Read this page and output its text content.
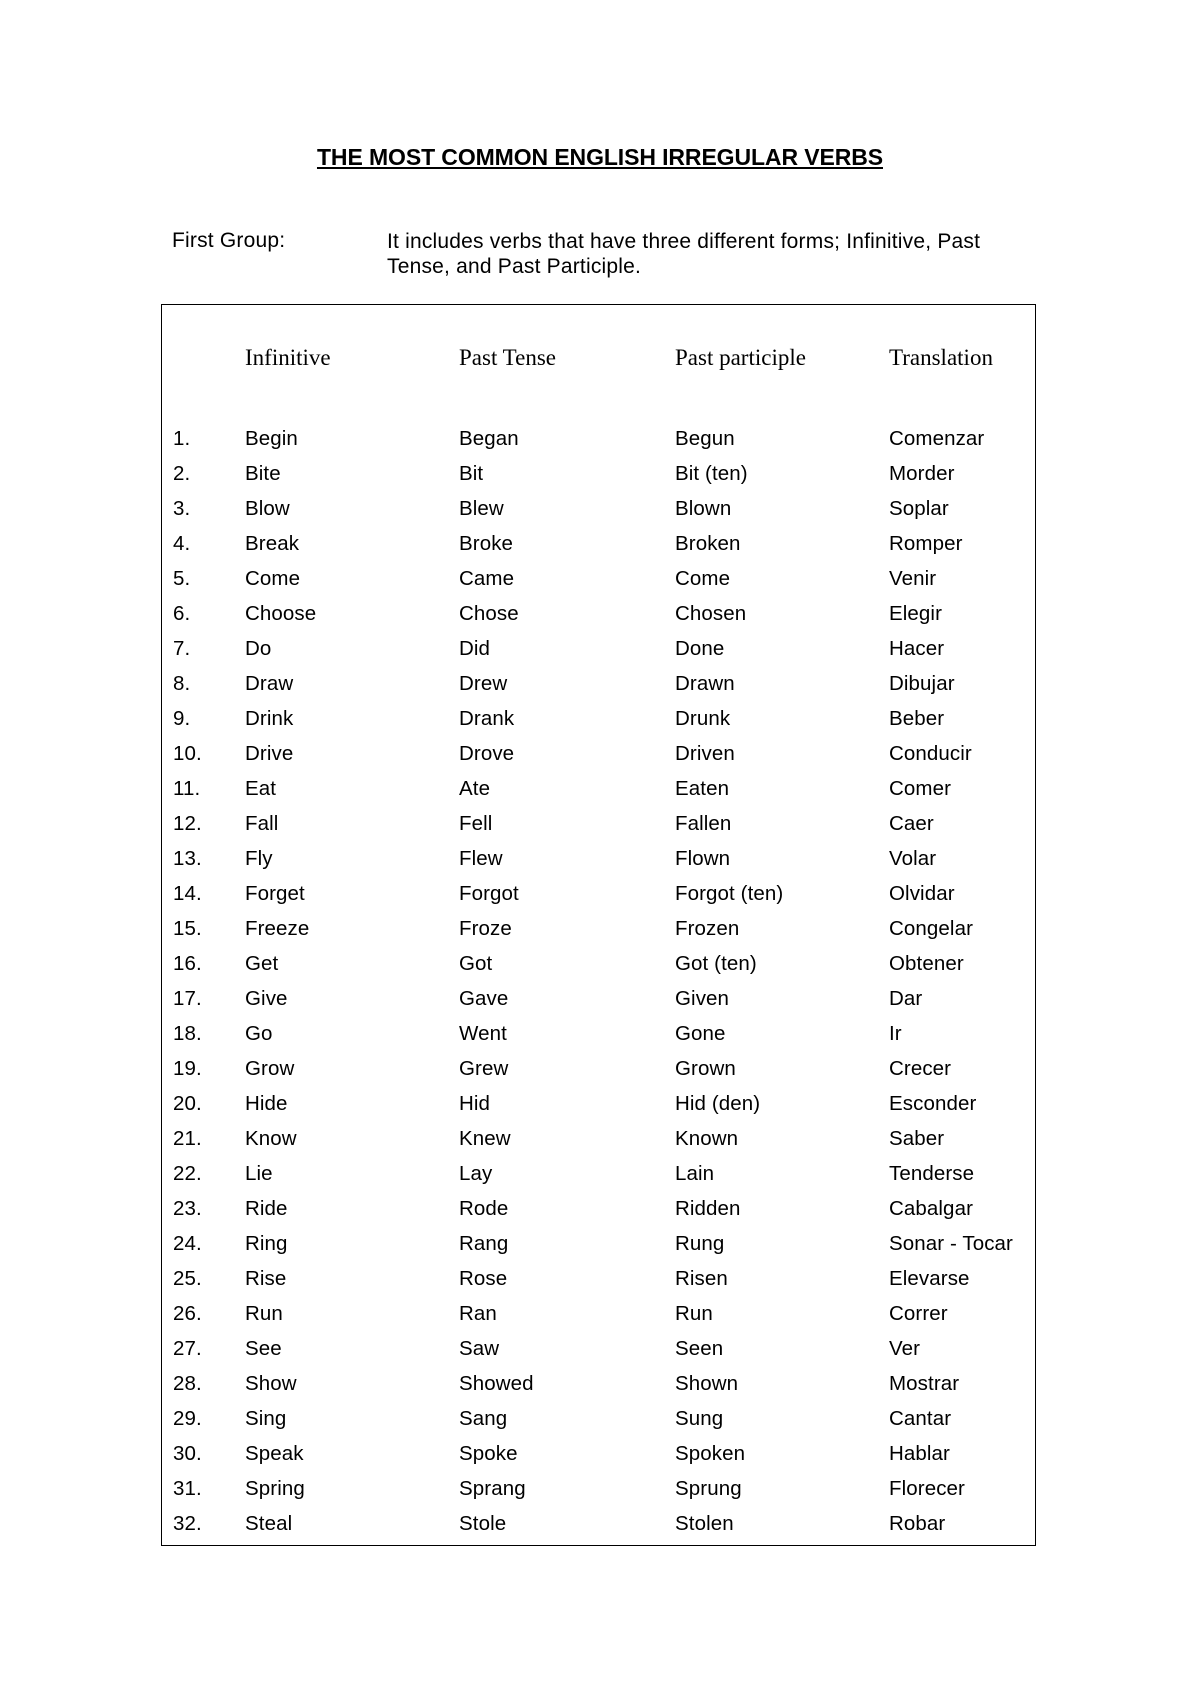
THE MOST COMMON ENGLISH IRREGULAR VERBS
First Group:	It includes verbs that have three different forms; Infinitive, Past Tense, and Past Participle.
Infinitive	Past Tense	Past participle	Translation
1.	Begin	Began	Begun	Comenzar
2.	Bite	Bit	Bit (ten)	Morder
3.	Blow	Blew	Blown	Soplar
4.	Break	Broke	Broken	Romper
5.	Come	Came	Come	Venir
6.	Choose	Chose	Chosen	Elegir
7.	Do	Did	Done	Hacer
8.	Draw	Drew	Drawn	Dibujar
9.	Drink	Drank	Drunk	Beber
10. Drive	Drove	Driven	Conducir
11. Eat	Ate	Eaten	Comer
12. Fall	Fell	Fallen	Caer
13. Fly	Flew	Flown	Volar
14. Forget	Forgot	Forgot (ten)	Olvidar
15. Freeze	Froze	Frozen	Congelar
16. Get	Got	Got (ten)	Obtener
17. Give	Gave	Given	Dar
18. Go	Went	Gone	Ir
19. Grow	Grew	Grown	Crecer
20. Hide	Hid	Hid (den)	Esconder
21. Know	Knew	Known	Saber
22. Lie	Lay	Lain	Tenderse
23. Ride	Rode	Ridden	Cabalgar
24. Ring	Rang	Rung	Sonar - Tocar
25. Rise	Rose	Risen	Elevarse
26. Run	Ran	Run	Correr
27. See	Saw	Seen	Ver
28. Show	Showed	Shown	Mostrar
29. Sing	Sang	Sung	Cantar
30. Speak	Spoke	Spoken	Hablar
31. Spring	Sprang	Sprung	Florecer
32. Steal	Stole	Stolen	Robar
